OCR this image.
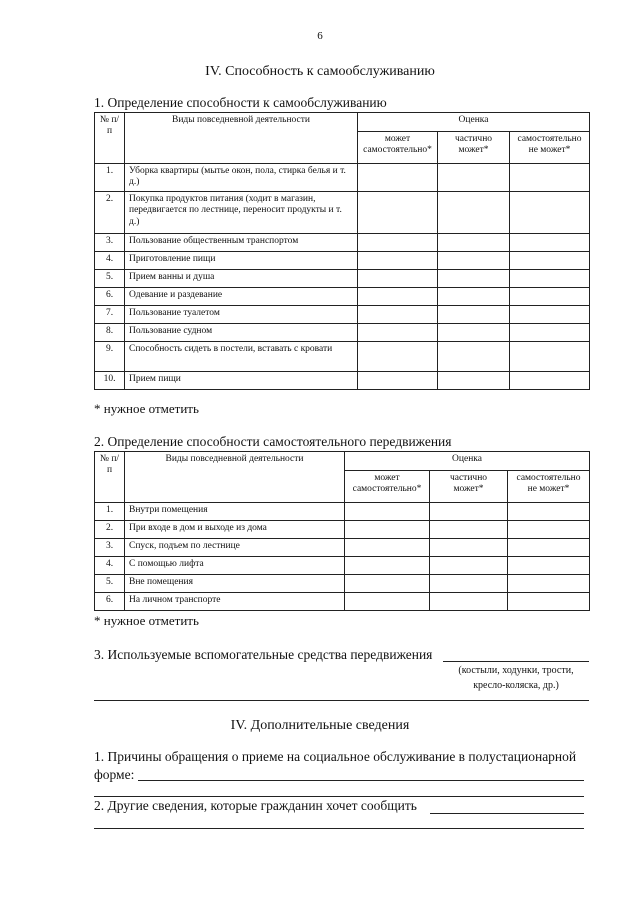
6
IV. Способность к самообслуживанию
1. Определение способности к самообслуживанию
№ п/п	Виды повседневной деятельности	Оценка		
		может самостоятельно*	частично может*	самостоятельно не может*
1.	Уборка квартиры (мытье окон, пола, стирка белья и т. д.)			
2.	Покупка продуктов питания (ходит в магазин, передвигается по лестнице, переносит продукты и т. д.)			
3.	Пользование общественным транспортом			
4.	Приготовление пищи			
5.	Прием ванны и душа			
6.	Одевание и раздевание			
7.	Пользование туалетом			
8.	Пользование судном			
9.	Способность сидеть в постели, вставать с кровати			
10.	Прием пищи			
* нужное отметить
2. Определение способности самостоятельного передвижения
№ п/п	Виды повседневной деятельности	Оценка		
		может самостоятельно*	частично может*	самостоятельно не может*
1.	Внутри помещения			
2.	При входе в дом и выходе из дома			
3.	Спуск, подъем по лестнице			
4.	С помощью лифта			
5.	Вне помещения			
6.	На личном транспорте			
* нужное отметить
3. Используемые вспомогательные средства передвижения
(костыли, ходунки, трости,
кресло-коляска, др.)
IV. Дополнительные сведения
1. Причины обращения о приеме на социальное обслуживание в полустационарной
форме:
2. Другие сведения, которые гражданин хочет сообщить
